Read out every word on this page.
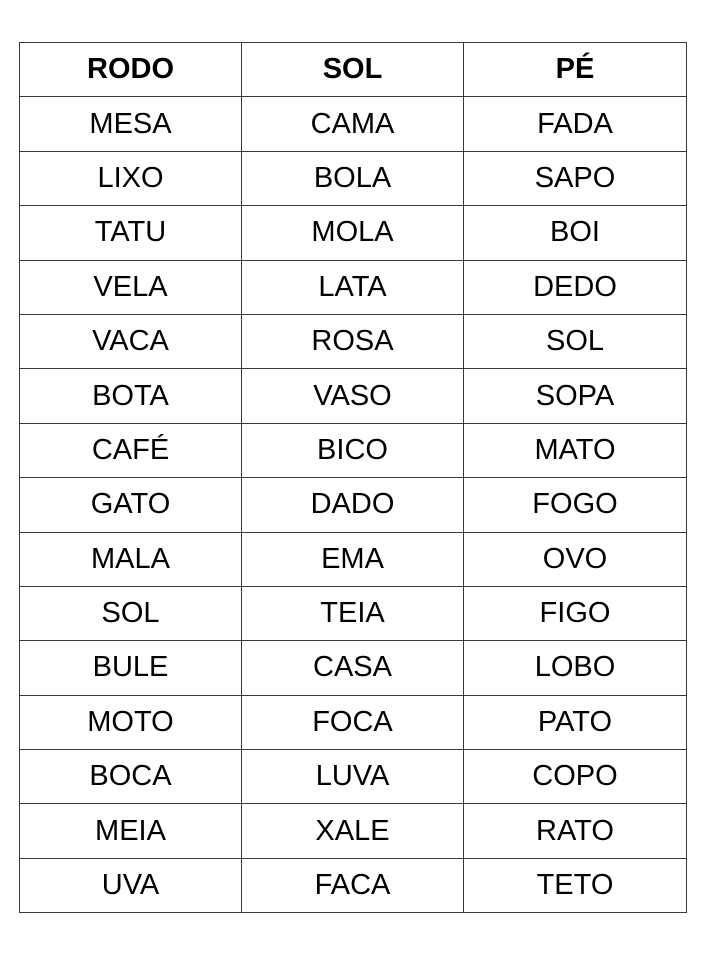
RODO	SOL	PÉ
MESA	CAMA	FADA
LIXO	BOLA	SAPO
TATU	MOLA	BOI
VELA	LATA	DEDO
VACA	ROSA	SOL
BOTA	VASO	SOPA
CAFÉ	BICO	MATO
GATO	DADO	FOGO
MALA	EMA	OVO
SOL	TEIA	FIGO
BULE	CASA	LOBO
MOTO	FOCA	PATO
BOCA	LUVA	COPO
MEIA	XALE	RATO
UVA	FACA	TETO
